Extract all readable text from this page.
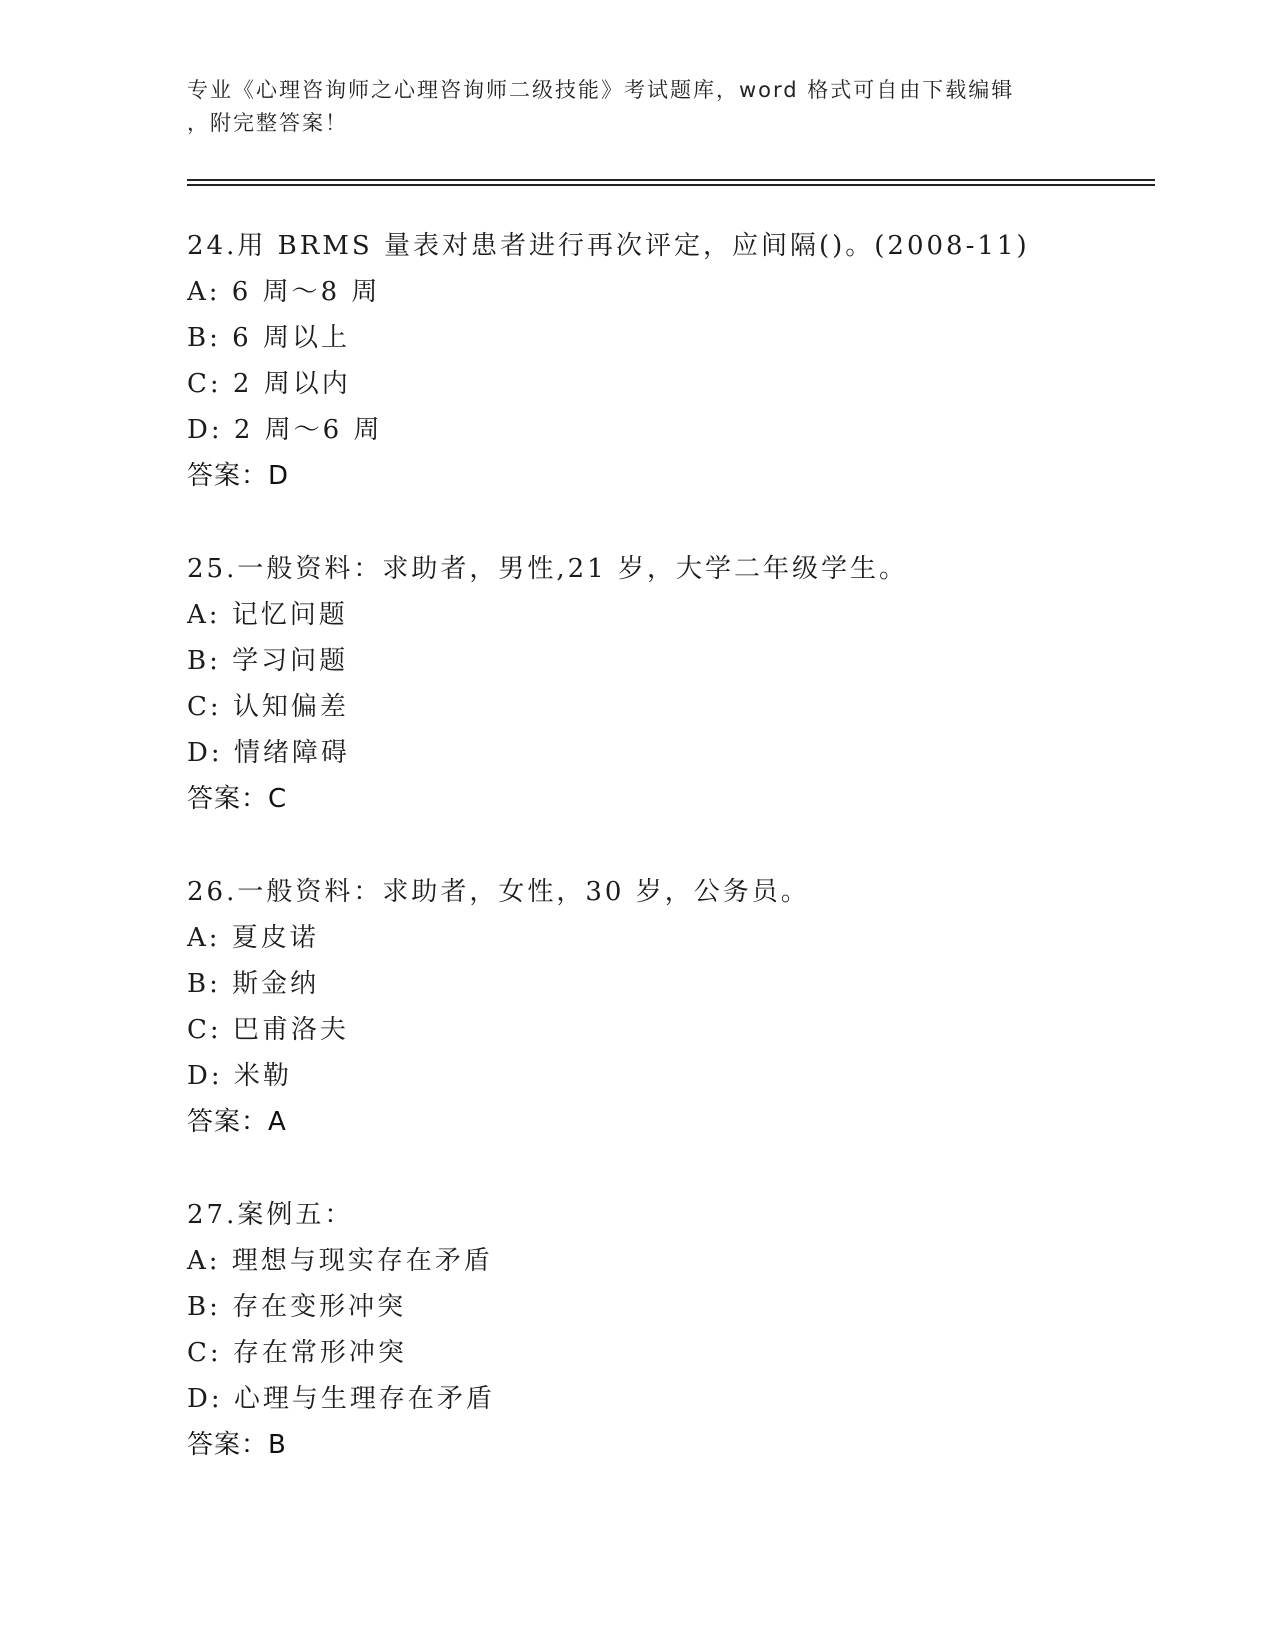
专业《心理咨询师之心理咨询师二级技能》考试题库，word 格式可自由下载编辑
，附完整答案！
24.用 BRMS 量表对患者进行再次评定，应间隔()。(2008-11)
A: 6 周～8 周
B: 6 周以上
C: 2 周以内
D: 2 周～6 周
答案：D
25.一般资料：求助者，男性,21 岁，大学二年级学生。
A: 记忆问题
B: 学习问题
C: 认知偏差
D: 情绪障碍
答案：C
26.一般资料：求助者，女性，30 岁，公务员。
A: 夏皮诺
B: 斯金纳
C: 巴甫洛夫
D: 米勒
答案：A
27.案例五：
A: 理想与现实存在矛盾
B: 存在变形冲突
C: 存在常形冲突
D: 心理与生理存在矛盾
答案：B
